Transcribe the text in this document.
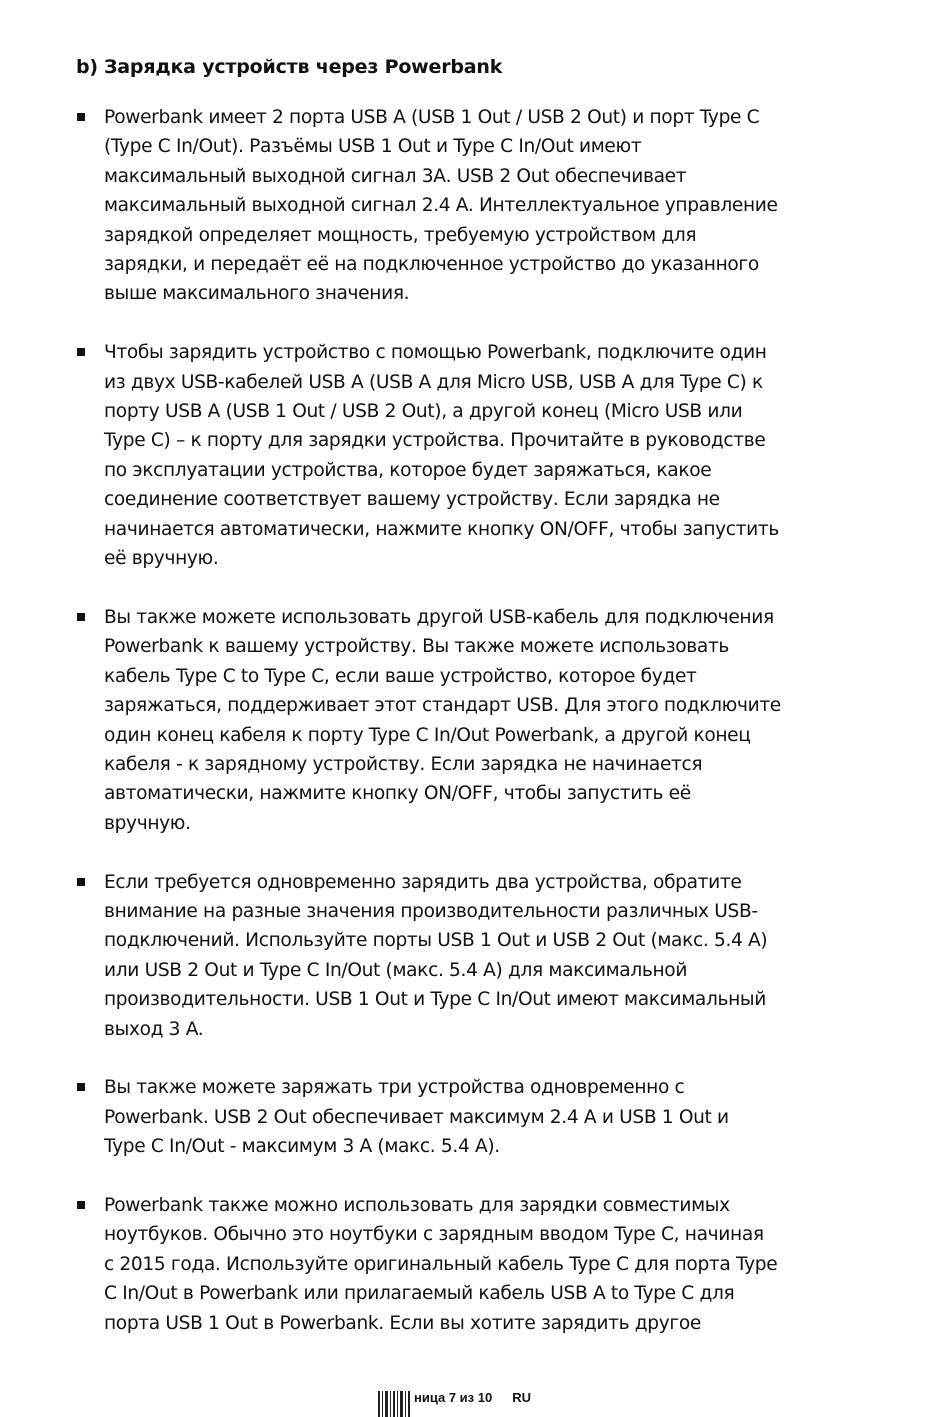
b) Зарядка устройств через Powerbank
Powerbank имеет 2 порта USB A (USB 1 Out / USB 2 Out) и порт Type C
(Type C In/Out). Разъёмы USB 1 Out и Type C In/Out имеют
максимальный выходной сигнал 3А. USB 2 Out обеспечивает
максимальный выходной сигнал 2.4 A. Интеллектуальное управление
зарядкой определяет мощность, требуемую устройством для
зарядки, и передаёт её на подключенное устройство до указанного
выше максимального значения.
Чтобы зарядить устройство с помощью Powerbank, подключите один
из двух USB-кабелей USB A (USB A для Micro USB, USB A для Type C) к
порту USB A (USB 1 Out / USB 2 Out), а другой конец (Micro USB или
Type C) – к порту для зарядки устройства. Прочитайте в руководстве
по эксплуатации устройства, которое будет заряжаться, какое
соединение соответствует вашему устройству. Если зарядка не
начинается автоматически, нажмите кнопку ON/OFF, чтобы запустить
её вручную.
Вы также можете использовать другой USB-кабель для подключения
Powerbank к вашему устройству. Вы также можете использовать
кабель Type C to Type C, если ваше устройство, которое будет
заряжаться, поддерживает этот стандарт USB. Для этого подключите
один конец кабеля к порту Type C In/Out Powerbank, а другой конец
кабеля - к зарядному устройству. Если зарядка не начинается
автоматически, нажмите кнопку ON/OFF, чтобы запустить её
вручную.
Если требуется одновременно зарядить два устройства, обратите
внимание на разные значения производительности различных USB-
подключений. Используйте порты USB 1 Out и USB 2 Out (макс. 5.4 A)
или USB 2 Out и Type C In/Out (макс. 5.4 A) для максимальной
производительности. USB 1 Out и Type C In/Out имеют максимальный
выход 3 A.
Вы также можете заряжать три устройства одновременно с
Powerbank. USB 2 Out обеспечивает максимум 2.4 A и USB 1 Out и
Type C In/Out - максимум 3 A (макс. 5.4 A).
Powerbank также можно использовать для зарядки совместимых
ноутбуков. Обычно это ноутбуки с зарядным вводом Type C, начиная
с 2015 года. Используйте оригинальный кабель Type C для порта Type
C In/Out в Powerbank или прилагаемый кабель USB A to Type C для
порта USB 1 Out в Powerbank. Если вы хотите зарядить другое
ница 7 из 10 RU
